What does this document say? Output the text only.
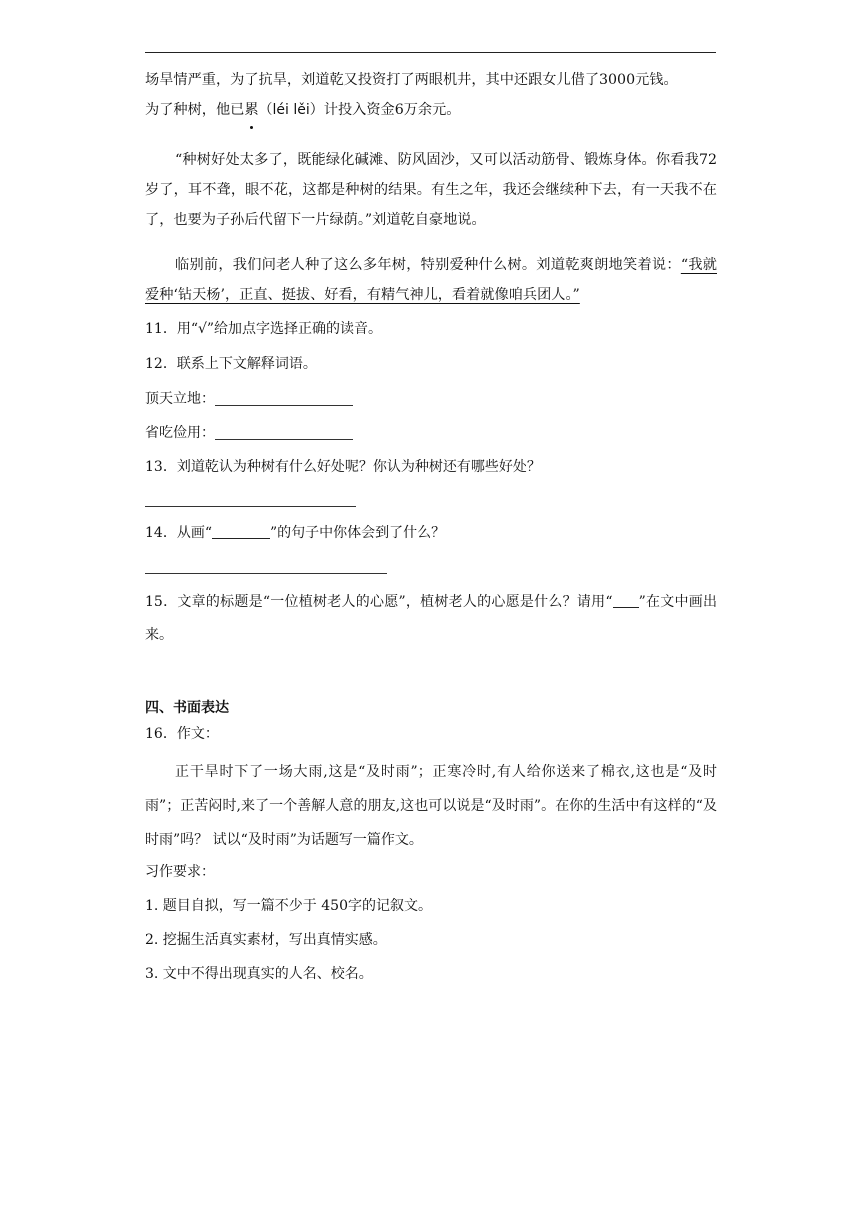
场旱情严重，为了抗旱，刘道乾又投资打了两眼机井，其中还跟女儿借了3000元钱。

为了种树，他已累（léi lěi）计投入资金6万余元。

“种树好处太多了，既能绿化碱滩、防风固沙，又可以活动筋骨、锻炼身体。你看我72岁了，耳不聋，眼不花，这都是种树的结果。有生之年，我还会继续种下去，有一天我不在了，也要为子孙后代留下一片绿荫。”刘道乾自豪地说。

临别前，我们问老人种了这么多年树，特别爱种什么树。刘道乾爽朗地笑着说：“我就爱种‘钻天杨’，正直、挺拔、好看，有精气神儿，看着就像咱兵团人。”

11．用“√”给加点字选择正确的读音。

12．联系上下文解释词语。

顶天立地：

省吃俭用：

13．刘道乾认为种树有什么好处呢？你认为种树还有哪些好处？

14．从画“	”的句子中你体会到了什么？

15．文章的标题是“一位植树老人的心愿”，植树老人的心愿是什么？请用“ ”在文中画出来。

四、书面表达

16．作文：

正干旱时下了一场大雨,这是“及时雨”；正寒冷时,有人给你送来了棉衣,这也是“及时雨”；正苦闷时,来了一个善解人意的朋友,这也可以说是“及时雨”。在你的生活中有这样的“及时雨”吗？ 试以“及时雨”为话题写一篇作文。

习作要求：

1. 题目自拟，写一篇不少于 450字的记叙文。

2. 挖掘生活真实素材，写出真情实感。

3. 文中不得出现真实的人名、校名。
